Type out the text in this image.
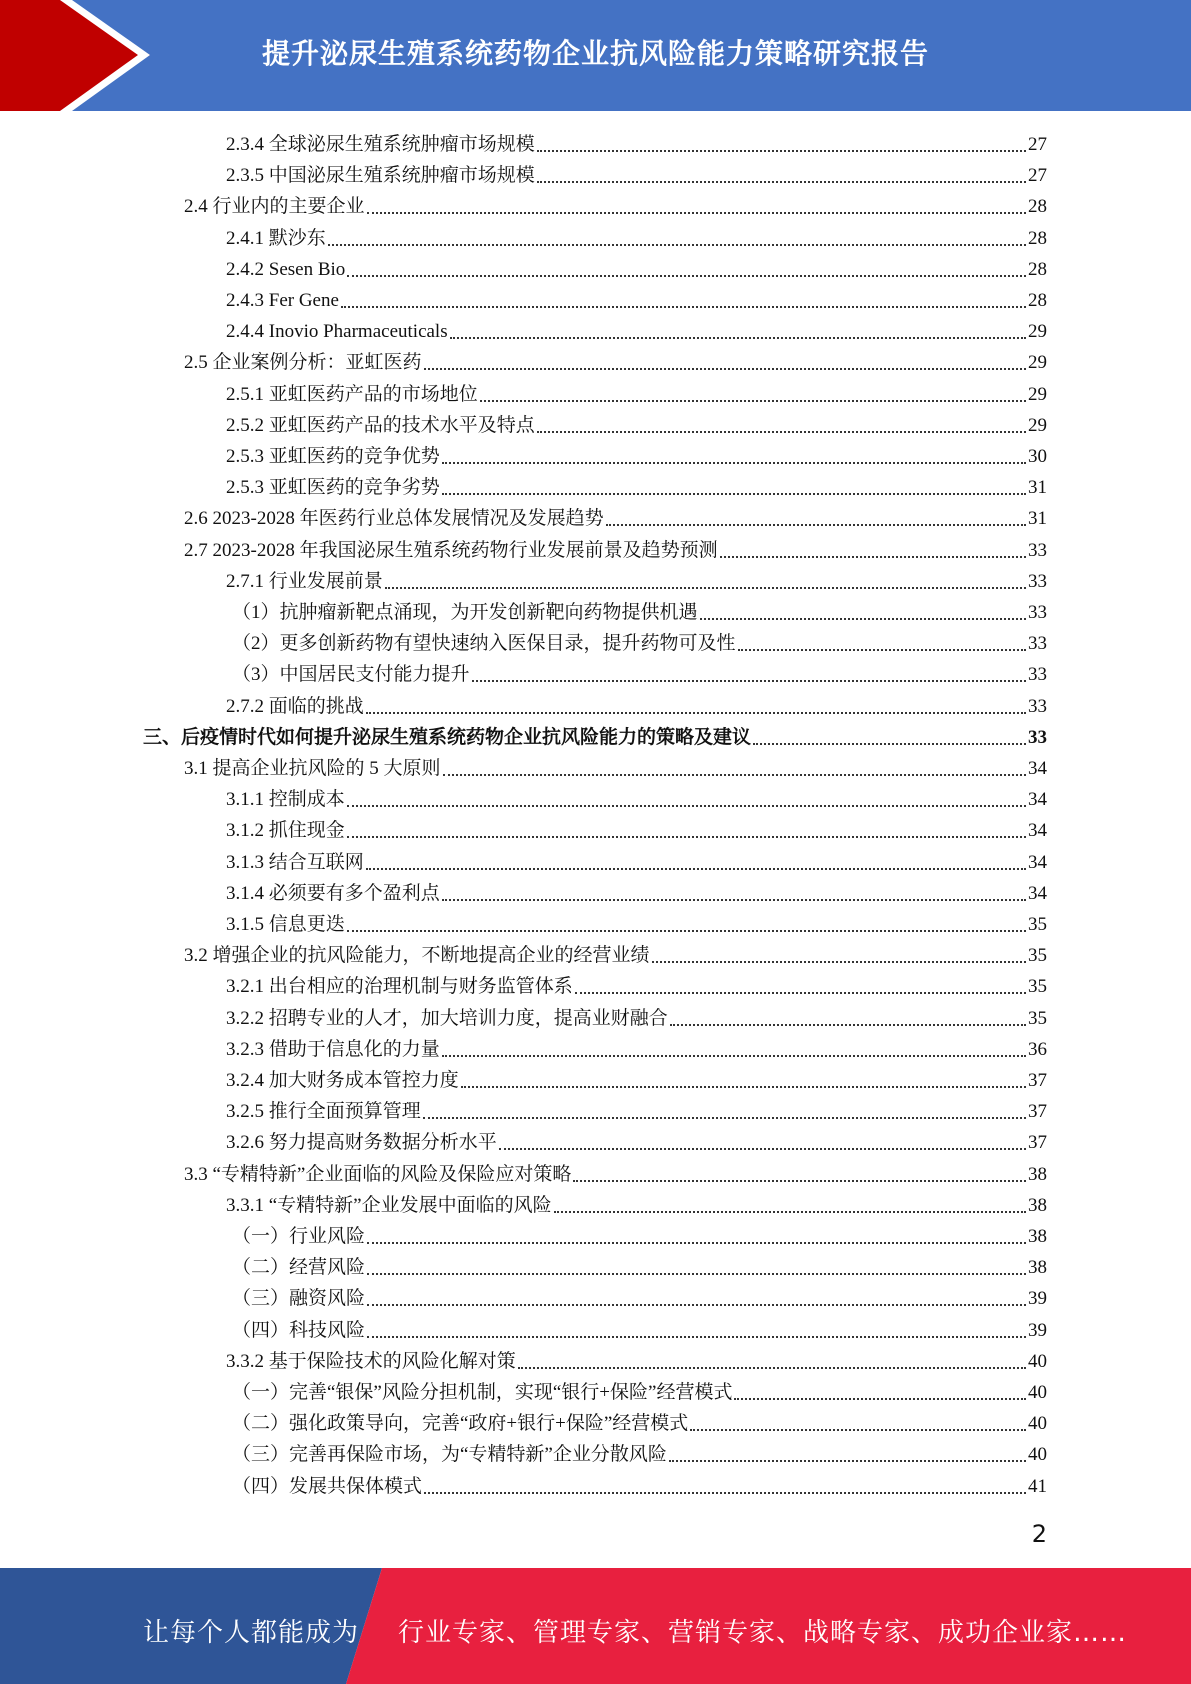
提升泌尿生殖系统药物企业抗风险能力策略研究报告
2.3.4 全球泌尿生殖系统肿瘤市场规模	27
2.3.5 中国泌尿生殖系统肿瘤市场规模	27
2.4 行业内的主要企业	28
2.4.1 默沙东	28
2.4.2 Sesen Bio	28
2.4.3 Fer Gene	28
2.4.4 Inovio Pharmaceuticals	29
2.5 企业案例分析：亚虹医药	29
2.5.1 亚虹医药产品的市场地位	29
2.5.2 亚虹医药产品的技术水平及特点	29
2.5.3 亚虹医药的竞争优势	30
2.5.3 亚虹医药的竞争劣势	31
2.6 2023-2028 年医药行业总体发展情况及发展趋势	31
2.7 2023-2028 年我国泌尿生殖系统药物行业发展前景及趋势预测	33
2.7.1 行业发展前景	33
（1）抗肿瘤新靶点涌现，为开发创新靶向药物提供机遇	33
（2）更多创新药物有望快速纳入医保目录，提升药物可及性	33
（3）中国居民支付能力提升	33
2.7.2 面临的挑战	33
三、后疫情时代如何提升泌尿生殖系统药物企业抗风险能力的策略及建议	33
3.1 提高企业抗风险的 5 大原则	34
3.1.1 控制成本	34
3.1.2 抓住现金	34
3.1.3 结合互联网	34
3.1.4 必须要有多个盈利点	34
3.1.5 信息更迭	35
3.2 增强企业的抗风险能力，不断地提高企业的经营业绩	35
3.2.1 出台相应的治理机制与财务监管体系	35
3.2.2 招聘专业的人才，加大培训力度，提高业财融合	35
3.2.3 借助于信息化的力量	36
3.2.4 加大财务成本管控力度	37
3.2.5 推行全面预算管理	37
3.2.6 努力提高财务数据分析水平	37
3.3 “专精特新”企业面临的风险及保险应对策略	38
3.3.1 “专精特新”企业发展中面临的风险	38
（一）行业风险	38
（二）经营风险	38
（三）融资风险	39
（四）科技风险	39
3.3.2 基于保险技术的风险化解对策	40
（一）完善“银保”风险分担机制，实现“银行+保险”经营模式	40
（二）强化政策导向，完善“政府+银行+保险”经营模式	40
（三）完善再保险市场，为“专精特新”企业分散风险	40
（四）发展共保体模式	41
2
让每个人都能成为 行业专家、管理专家、营销专家、战略专家、成功企业家……
